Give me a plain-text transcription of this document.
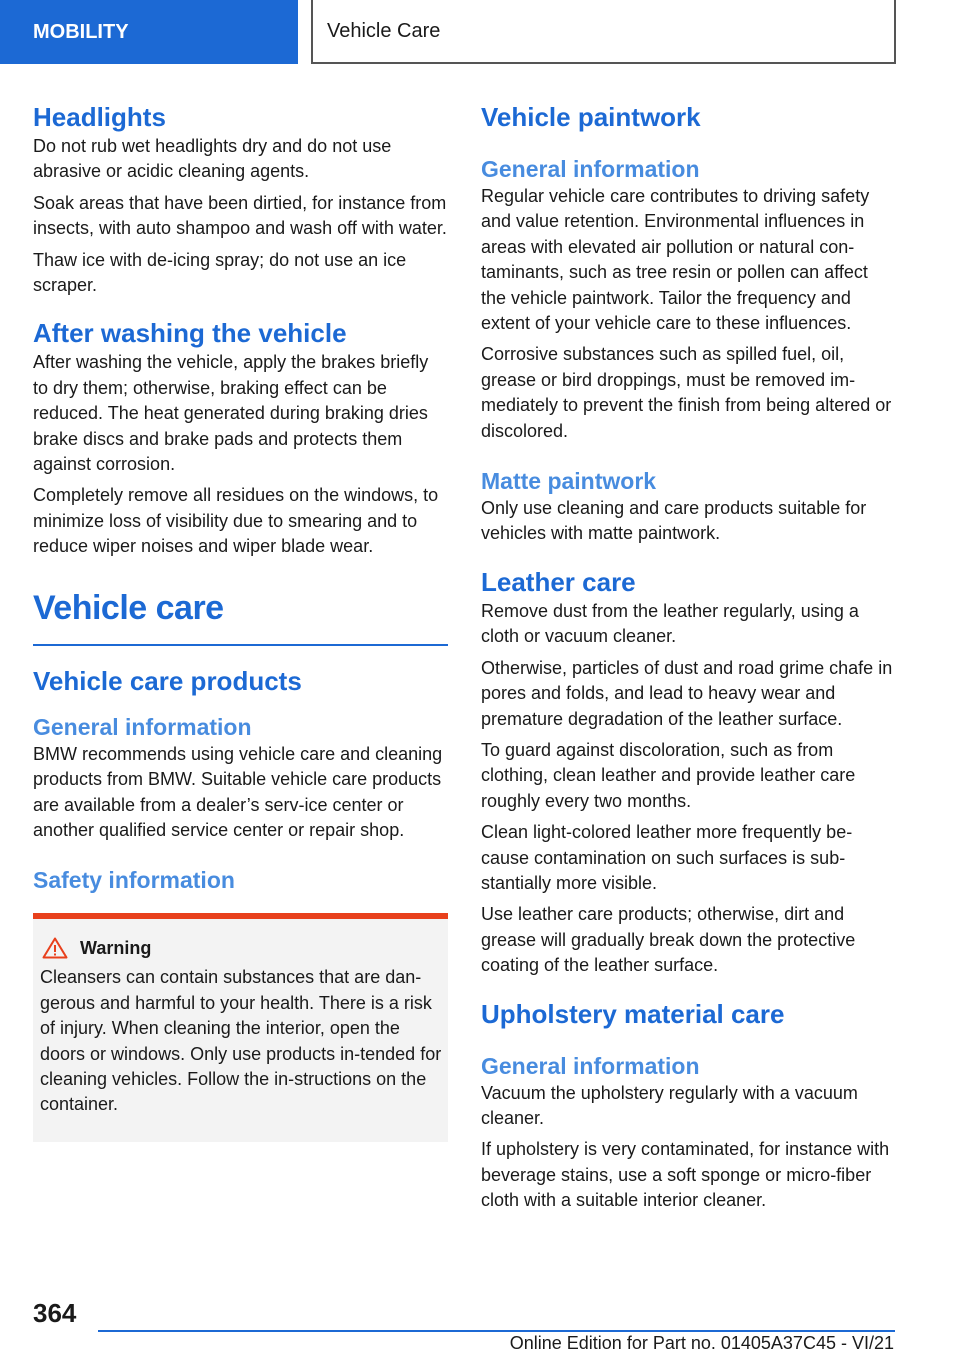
MOBILITY	Vehicle Care
Headlights

Do not rub wet headlights dry and do not use abrasive or acidic cleaning agents.

Soak areas that have been dirtied, for instance from insects, with auto shampoo and wash off with water.

Thaw ice with de-icing spray; do not use an ice scraper.

After washing the vehicle

After washing the vehicle, apply the brakes briefly to dry them; otherwise, braking effect can be reduced. The heat generated during braking dries brake discs and brake pads and protects them against corrosion.

Completely remove all residues on the windows, to minimize loss of visibility due to smearing and to reduce wiper noises and wiper blade wear.

Vehicle care
Vehicle care products
General information

BMW recommends using vehicle care and cleaning products from BMW. Suitable vehicle care products are available from a dealer’s serv-ice center or another qualified service center or repair shop.

Safety information
Warning

Cleansers can contain substances that are dan-gerous and harmful to your health. There is a risk of injury. When cleaning the interior, open the doors or windows. Only use products in-tended for cleaning vehicles. Follow the in-structions on the container.

Vehicle paintwork
General information

Regular vehicle care contributes to driving safety and value retention. Environmental influences in areas with elevated air pollution or natural con-taminants, such as tree resin or pollen can affect the vehicle paintwork. Tailor the frequency and extent of your vehicle care to these influences.

Corrosive substances such as spilled fuel, oil, grease or bird droppings, must be removed im-mediately to prevent the finish from being altered or discolored.

Matte paintwork

Only use cleaning and care products suitable for vehicles with matte paintwork.

Leather care

Remove dust from the leather regularly, using a cloth or vacuum cleaner.

Otherwise, particles of dust and road grime chafe in pores and folds, and lead to heavy wear and premature degradation of the leather surface.

To guard against discoloration, such as from clothing, clean leather and provide leather care roughly every two months.

Clean light-colored leather more frequently be-cause contamination on such surfaces is sub-stantially more visible.

Use leather care products; otherwise, dirt and grease will gradually break down the protective coating of the leather surface.

Upholstery material care
General information

Vacuum the upholstery regularly with a vacuum cleaner.

If upholstery is very contaminated, for instance with beverage stains, use a soft sponge or micro-fiber cloth with a suitable interior cleaner.

364
Online Edition for Part no. 01405A37C45 - VI/21
